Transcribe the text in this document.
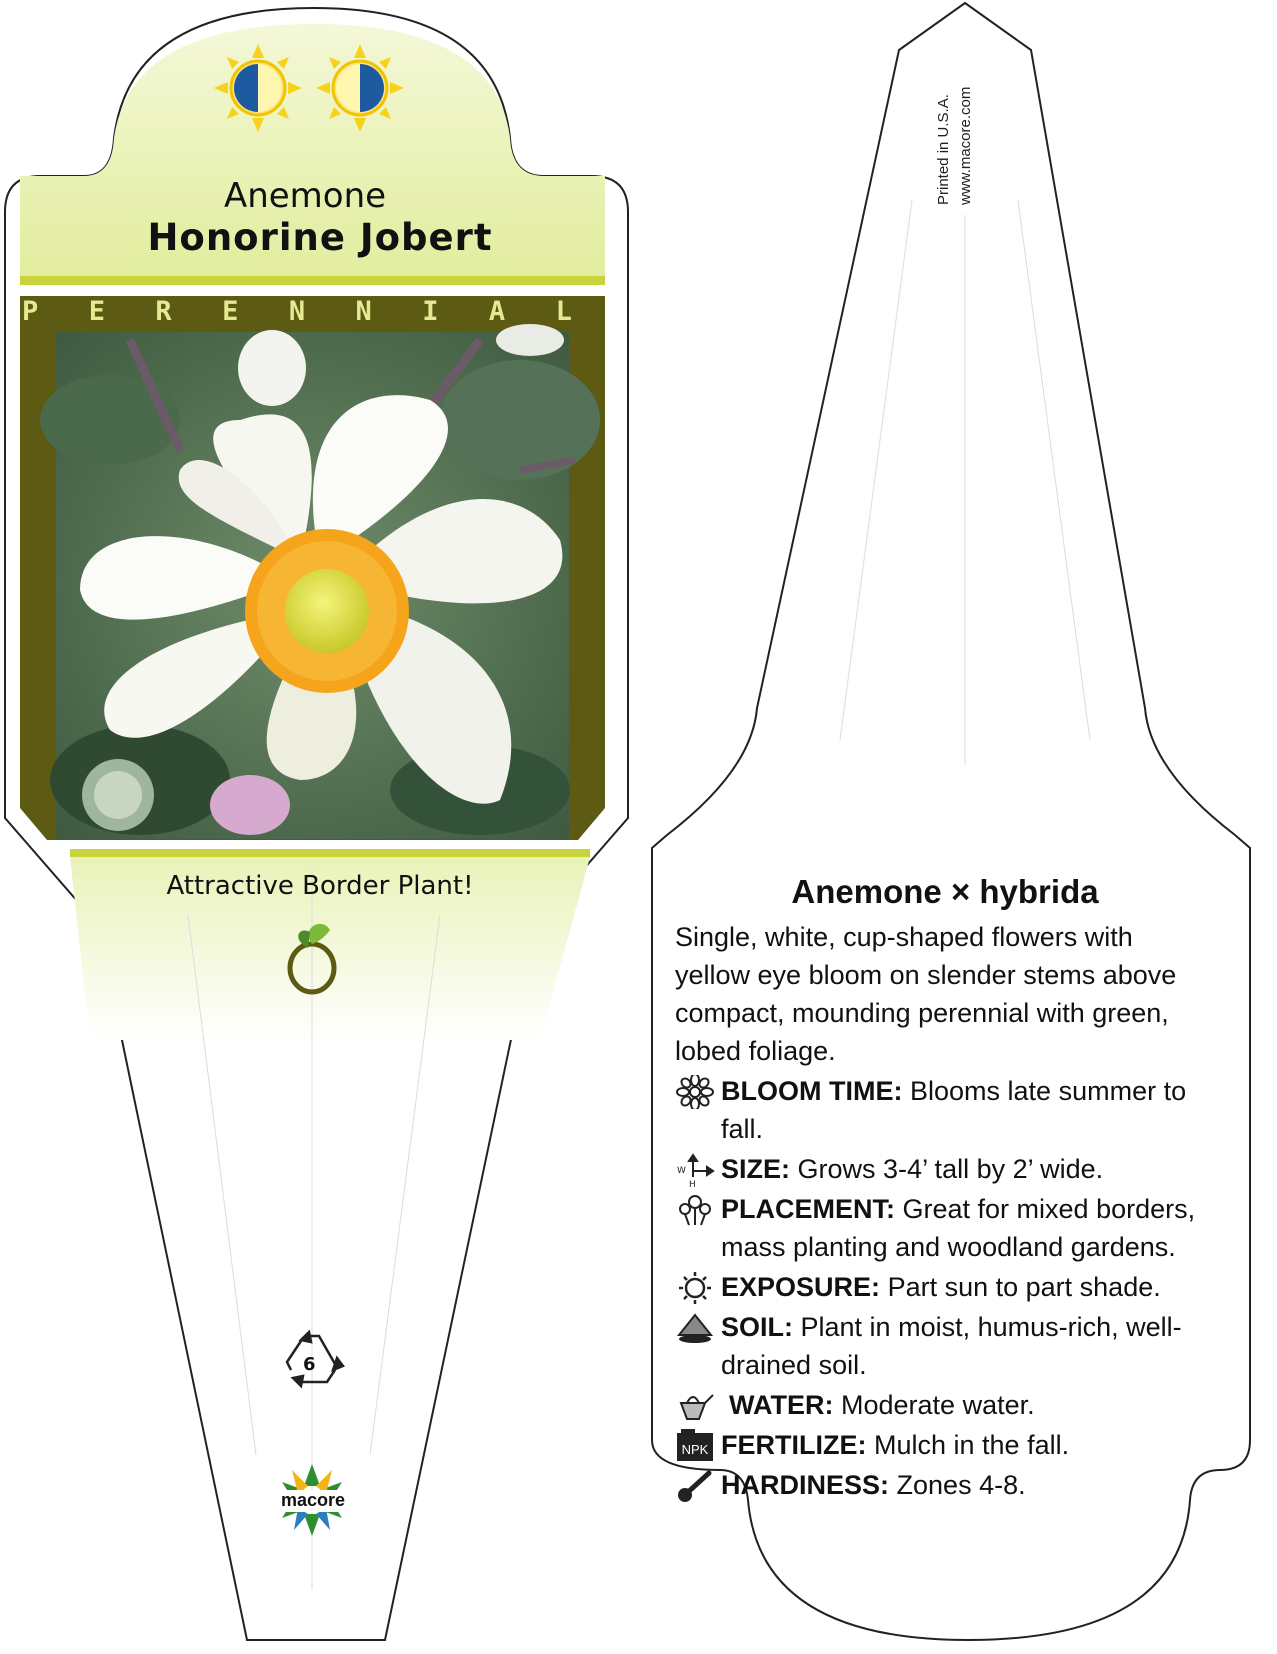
Anemone
Honorine Jobert
P E R E N N I A L
Attractive Border Plant!
6
macore
Printed in U.S.A. www.macore.com
Anemone × hybrida
Single, white, cup-shaped flowers with yellow eye bloom on slender stems above compact, mounding perennial with green, lobed foliage.
BLOOM TIME: Blooms late summer to fall.
W
H
SIZE: Grows 3-4’ tall by 2’ wide.
PLACEMENT: Great for mixed borders, mass planting and woodland gardens.
EXPOSURE: Part sun to part shade.
SOIL: Plant in moist, humus-rich, well-drained soil.
WATER: Moderate water.
NPK FERTILIZE: Mulch in the fall.
HARDINESS: Zones 4-8.
